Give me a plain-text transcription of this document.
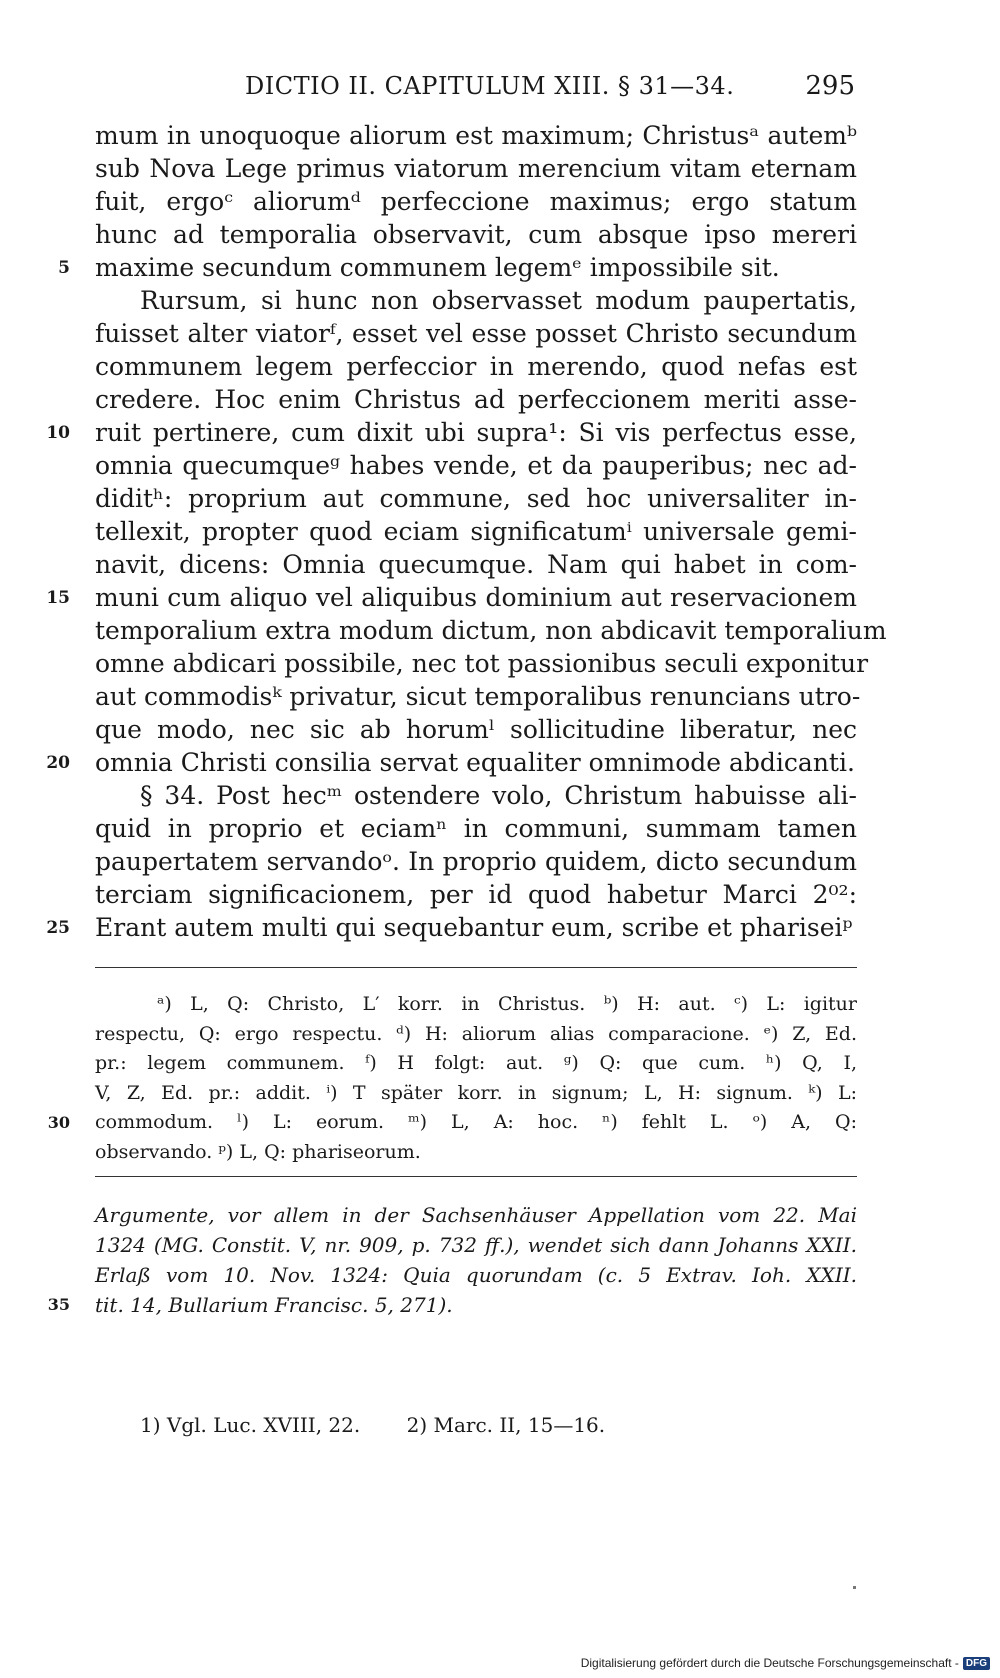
DICTIO II. CAPITULUM XIII. § 31—34.	295
mum in unoquoque aliorum est maximum; Christusᵃ autemᵇ
sub Nova Lege primus viatorum merencium vitam eternam
fuit, ergoᶜ aliorumᵈ perfeccione maximus; ergo statum
hunc ad temporalia observavit, cum absque ipso mereri
maxime secundum communem legemᵉ impossibile sit.
5
Rursum, si hunc non observasset modum paupertatis,
fuisset alter viatorᶠ, esset vel esse posset Christo secundum
communem legem perfeccior in merendo, quod nefas est
credere. Hoc enim Christus ad perfeccionem meriti asse-
ruit pertinere, cum dixit ubi supra¹: Si vis perfectus esse,
10
omnia quecumqueᵍ habes vende, et da pauperibus; nec ad-
diditʰ: proprium aut commune, sed hoc universaliter in-
tellexit, propter quod eciam significatumⁱ universale gemi-
navit, dicens: Omnia quecumque. Nam qui habet in com-
muni cum aliquo vel aliquibus dominium aut reservacionem
15
temporalium extra modum dictum, non abdicavit temporalium
omne abdicari possibile, nec tot passionibus seculi exponitur
aut commodisᵏ privatur, sicut temporalibus renuncians utro-
que modo, nec sic ab horumˡ sollicitudine liberatur, nec
omnia Christi consilia servat equaliter omnimode abdicanti.
20
§ 34. Post hecᵐ ostendere volo, Christum habuisse ali-
quid in proprio et eciamⁿ in communi, summam tamen
paupertatem servandoᵒ. In proprio quidem, dicto secundum
terciam significacionem, per id quod habetur Marci 2⁰²:
Erant autem multi qui sequebantur eum, scribe et phariseiᵖ
25
ᵃ) L, Q: Christo, L′ korr. in Christus. ᵇ) H: aut. ᶜ) L: igitur
respectu, Q: ergo respectu. ᵈ) H: aliorum alias comparacione. ᵉ) Z, Ed.
pr.: legem communem. ᶠ) H folgt: aut. ᵍ) Q: que cum. ʰ) Q, I,
V, Z, Ed. pr.: addit. ⁱ) T später korr. in signum; L, H: signum. ᵏ) L:
commodum. ˡ) L: eorum. ᵐ) L, A: hoc. ⁿ) fehlt L. ᵒ) A, Q:
30
observando. ᵖ) L, Q: phariseorum.
Argumente, vor allem in der Sachsenhäuser Appellation vom 22. Mai
1324 (MG. Constit. V, nr. 909, p. 732 ff.), wendet sich dann Johanns XXII.
Erlaß vom 10. Nov. 1324: Quia quorundam (c. 5 Extrav. Ioh. XXII.
tit. 14, Bullarium Francisc. 5, 271).
35
1) Vgl. Luc. XVIII, 22. 2) Marc. II, 15—16.
Digitalisierung gefördert durch die Deutsche Forschungsgemeinschaft - DFG
